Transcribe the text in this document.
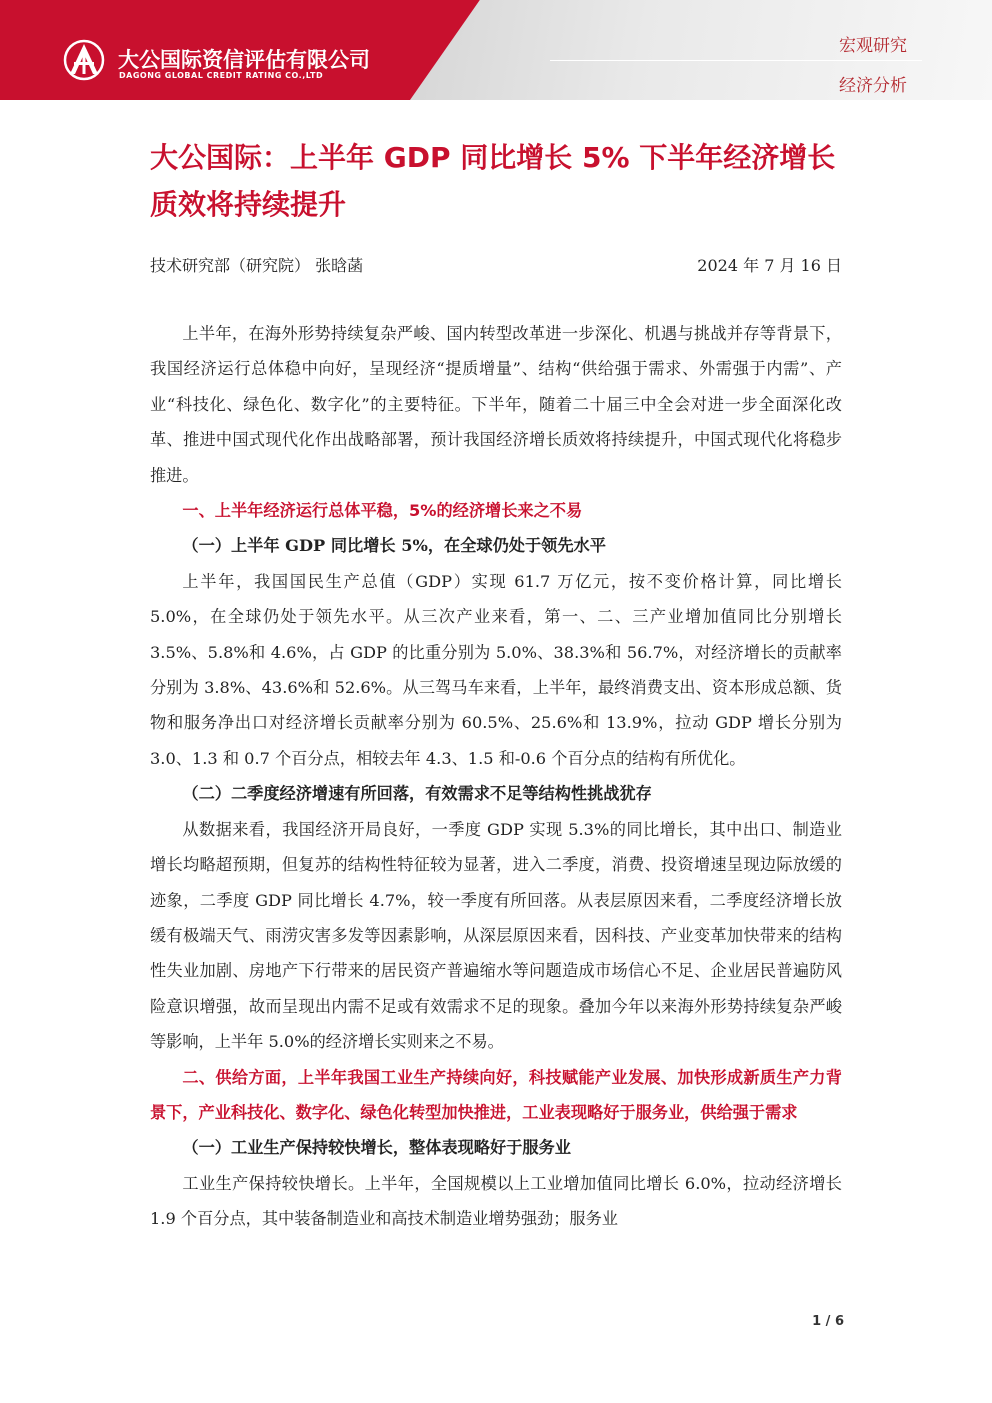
大公国际资信评估有限公司
DAGONG GLOBAL CREDIT RATING CO.,LTD
宏观研究
经济分析
大公国际：上半年 GDP 同比增长 5% 下半年经济增长质效将持续提升
技术研究部（研究院） 张晗菡	2024 年 7 月 16 日

上半年，在海外形势持续复杂严峻、国内转型改革进一步深化、机遇与挑战并存等背景下，我国经济运行总体稳中向好，呈现经济“提质增量”、结构“供给强于需求、外需强于内需”、产业“科技化、绿色化、数字化”的主要特征。下半年，随着二十届三中全会对进一步全面深化改革、推进中国式现代化作出战略部署，预计我国经济增长质效将持续提升，中国式现代化将稳步推进。

一、上半年经济运行总体平稳，5%的经济增长来之不易

（一）上半年 GDP 同比增长 5%，在全球仍处于领先水平

上半年，我国国民生产总值（GDP）实现 61.7 万亿元，按不变价格计算，同比增长 5.0%，在全球仍处于领先水平。从三次产业来看，第一、二、三产业增加值同比分别增长 3.5%、5.8%和 4.6%，占 GDP 的比重分别为 5.0%、38.3%和 56.7%，对经济增长的贡献率分别为 3.8%、43.6%和 52.6%。从三驾马车来看，上半年，最终消费支出、资本形成总额、货物和服务净出口对经济增长贡献率分别为 60.5%、25.6%和 13.9%，拉动 GDP 增长分别为 3.0、1.3 和 0.7 个百分点，相较去年 4.3、1.5 和-0.6 个百分点的结构有所优化。

（二）二季度经济增速有所回落，有效需求不足等结构性挑战犹存

从数据来看，我国经济开局良好，一季度 GDP 实现 5.3%的同比增长，其中出口、制造业增长均略超预期，但复苏的结构性特征较为显著，进入二季度，消费、投资增速呈现边际放缓的迹象，二季度 GDP 同比增长 4.7%，较一季度有所回落。从表层原因来看，二季度经济增长放缓有极端天气、雨涝灾害多发等因素影响，从深层原因来看，因科技、产业变革加快带来的结构性失业加剧、房地产下行带来的居民资产普遍缩水等问题造成市场信心不足、企业居民普遍防风险意识增强，故而呈现出内需不足或有效需求不足的现象。叠加今年以来海外形势持续复杂严峻等影响，上半年 5.0%的经济增长实则来之不易。

二、供给方面，上半年我国工业生产持续向好，科技赋能产业发展、加快形成新质生产力背景下，产业科技化、数字化、绿色化转型加快推进，工业表现略好于服务业，供给强于需求

（一）工业生产保持较快增长，整体表现略好于服务业

工业生产保持较快增长。上半年，全国规模以上工业增加值同比增长 6.0%，拉动经济增长 1.9 个百分点，其中装备制造业和高技术制造业增势强劲；服务业

1 / 6
